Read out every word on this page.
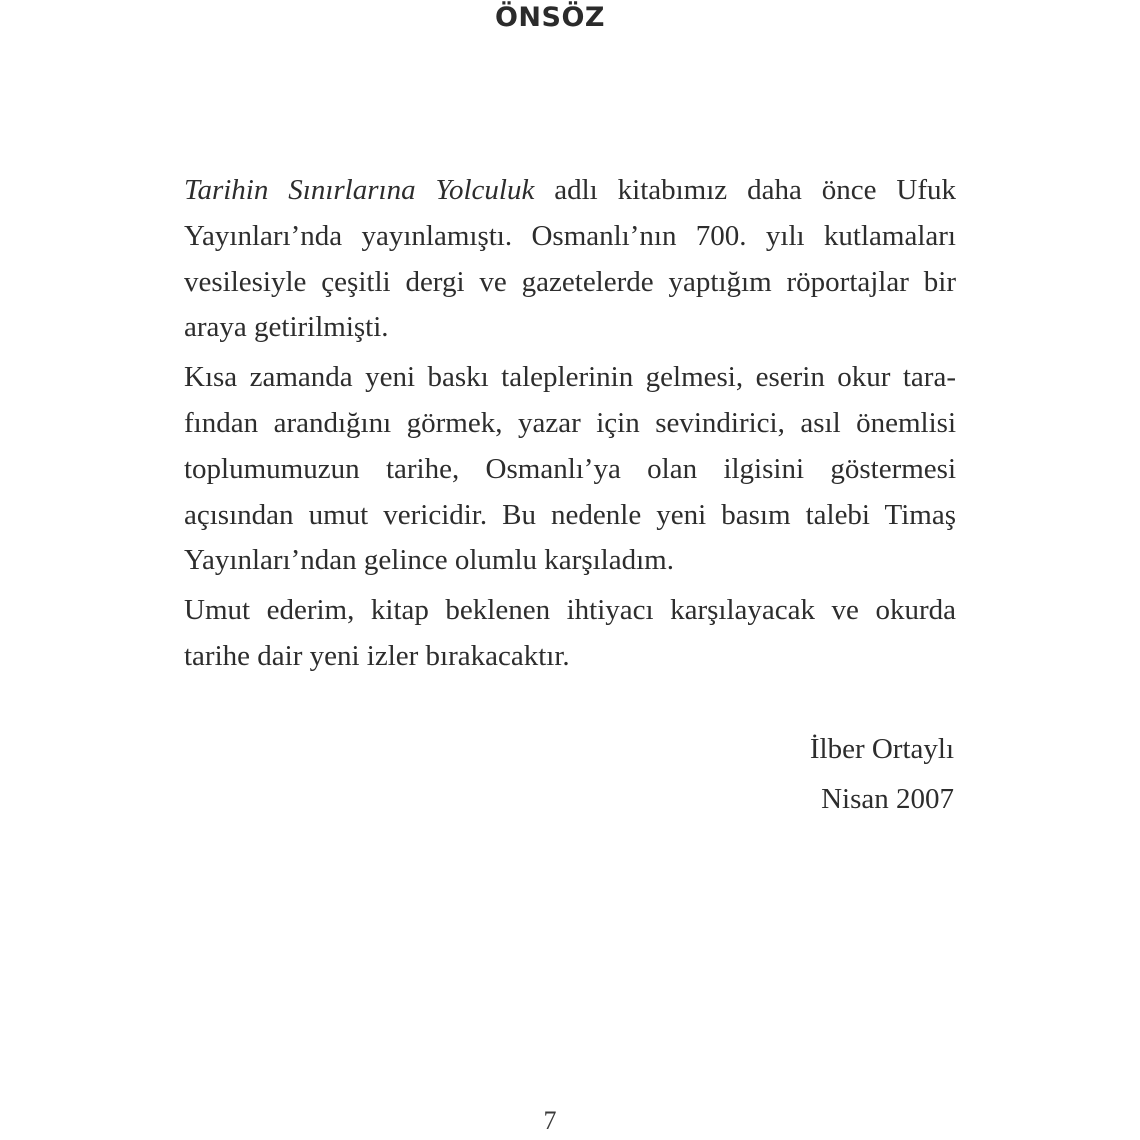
ÖNSÖZ
Tarihin Sınırlarına Yolculuk adlı kitabımız daha önce Ufuk
Yayınları’nda yayınlamıştı. Osmanlı’nın 700. yılı kutlamaları
vesilesiyle çeşitli dergi ve gazetelerde yaptığım röportajlar bir
araya getirilmişti.
Kısa zamanda yeni baskı taleplerinin gelmesi, eserin okur tara-
fından arandığını görmek, yazar için sevindirici, asıl önemlisi
toplumumuzun tarihe, Osmanlı’ya olan ilgisini göstermesi
açısından umut vericidir. Bu nedenle yeni basım talebi Timaş
Yayınları’ndan gelince olumlu karşıladım.
Umut ederim, kitap beklenen ihtiyacı karşılayacak ve okurda
tarihe dair yeni izler bırakacaktır.
İlber Ortaylı
Nisan 2007
7
